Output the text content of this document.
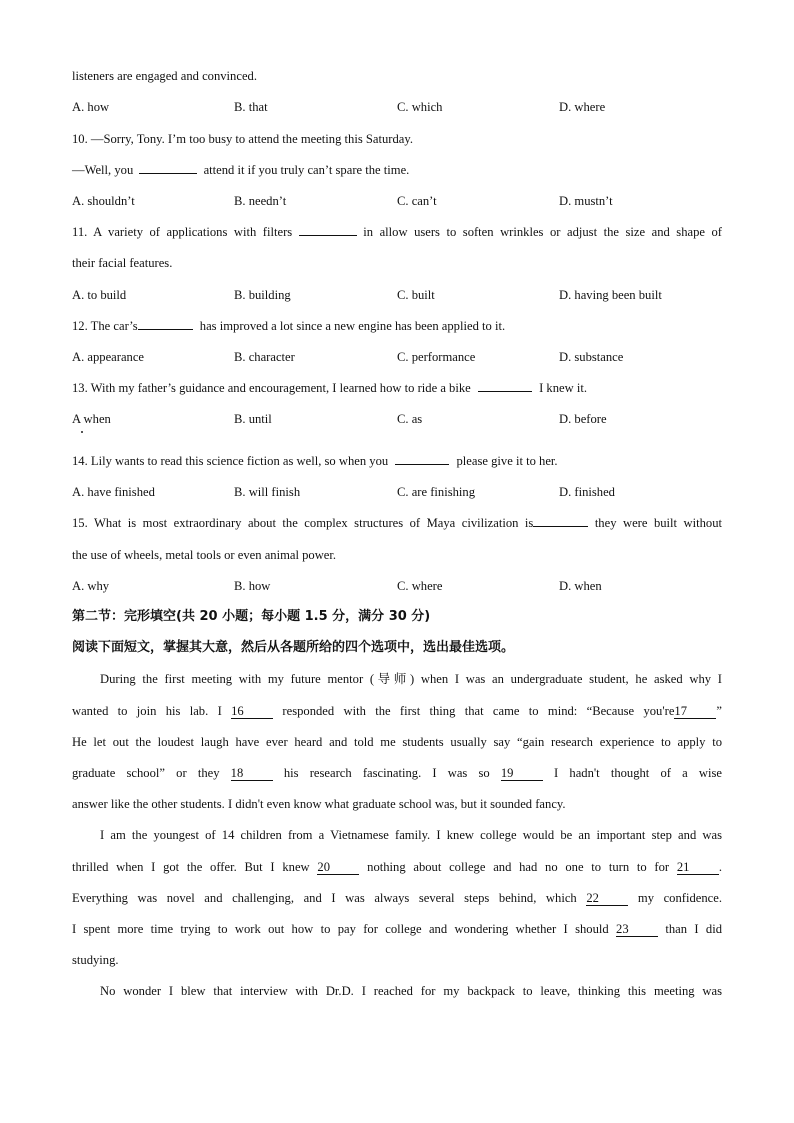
listeners are engaged and convinced.
A. how	B. that	C. which	D. where
10. —Sorry, Tony. I’m too busy to attend the meeting this Saturday.
—Well, you	attend it if you truly can’t spare the time.
A. shouldn’t	B. needn’t	C. can’t	D. mustn’t
11. A variety of applications with filters	in allow users to soften wrinkles or adjust the size and shape of
their facial features.
A. to build	B. building	C. built	D. having been built
12. The car’s	has improved a lot since a new engine has been applied to it.
A. appearance	B. character	C. performance	D. substance
13. With my father’s guidance and encouragement, I learned how to ride a bike	I knew it.
A when	B. until	C. as	D. before
14. Lily wants to read this science fiction as well, so when you	please give it to her.
A. have finished	B. will finish	C. are finishing	D. finished
15. What is most extraordinary about the complex structures of Maya civilization is	they were built without
the use of wheels, metal tools or even animal power.
A. why	B. how	C. where	D. when
第二节：完形填空(共 20 小题；每小题 1.5 分，满分 30 分)
阅读下面短文，掌握其大意，然后从各题所给的四个选项中，选出最佳选项。
During the first meeting with my future mentor (导师) when I was an undergraduate student, he asked why I
wanted to join his lab. I 16	responded with the first thing that came to mind: “Because you're17 ”
He let out the loudest laugh have ever heard and told me students usually say “gain research experience to apply to
graduate school” or they 18	his research fascinating. I was so 19	I hadn't thought of a wise
answer like the other students. I didn't even know what graduate school was, but it sounded fancy.
I am the youngest of 14 children from a Vietnamese family. I knew college would be an important step and was
thrilled when I got the offer. But I knew 20	nothing about college and had no one to turn to for 21 .
Everything was novel and challenging, and I was always several steps behind, which 22	my confidence.
I spent more time trying to work out how to pay for college and wondering whether I should 23	than I did
studying.
No wonder I blew that interview with Dr.D. I reached for my backpack to leave, thinking this meeting was
